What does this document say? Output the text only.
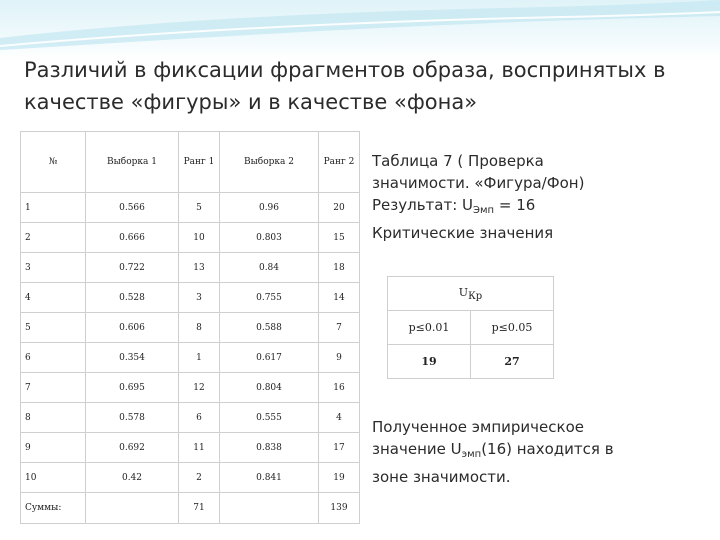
Различий в фиксации фрагментов образа, воспринятых в
качестве «фигуры» и в качестве «фона»
№	Выборка 1	Ранг 1	Выборка 2	Ранг 2
1	0.566	5	0.96	20
2	0.666	10	0.803	15
3	0.722	13	0.84	18
4	0.528	3	0.755	14
5	0.606	8	0.588	7
6	0.354	1	0.617	9
7	0.695	12	0.804	16
8	0.578	6	0.555	4
9	0.692	11	0.838	17
10	0.42	2	0.841	19
Суммы:		71		139
Таблица 7 ( Проверка
значимости. «Фигура/Фон)
Результат: $U_{Эмп} = 16$
Критические значения
UКр	
p≤0.01	p≤0.05
19	27
Полученное эмпирическое
значение $U_{эмп}(16)$ находится в
зоне значимости.
